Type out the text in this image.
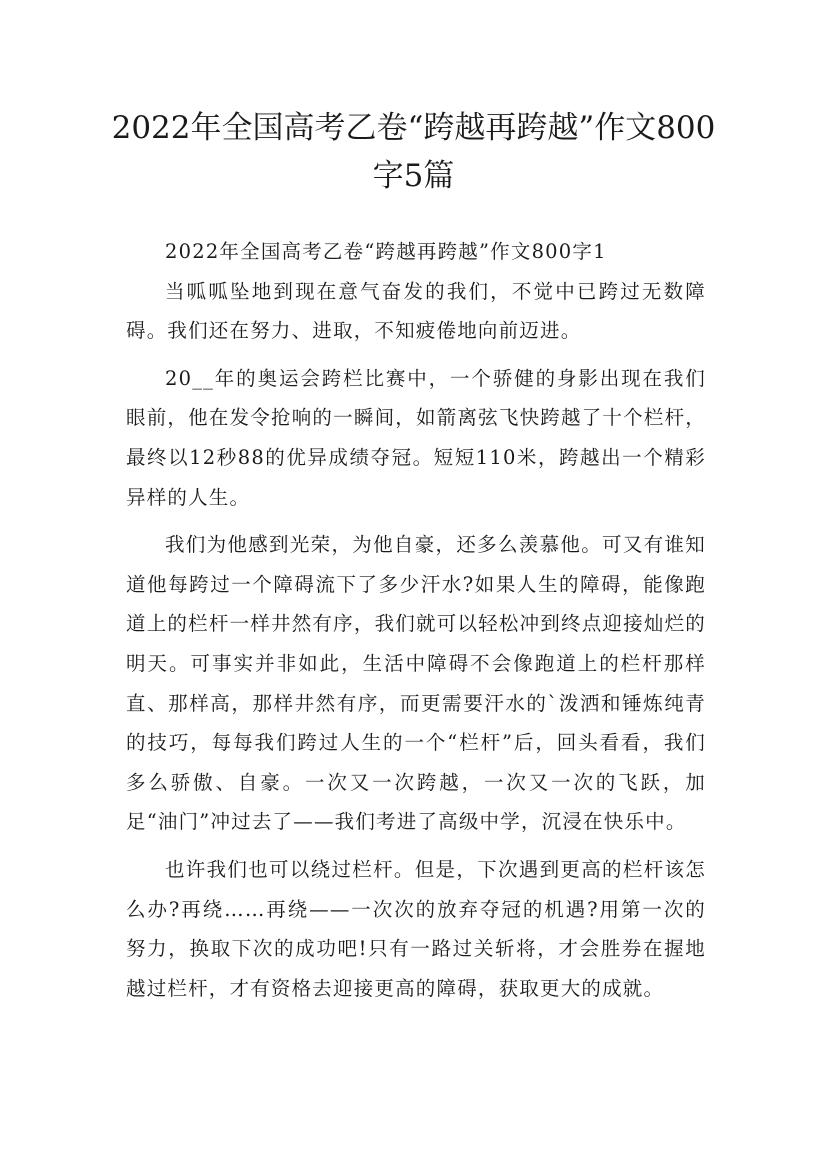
2022年全国高考乙卷“跨越再跨越”作文800
字5篇

2022年全国高考乙卷“跨越再跨越”作文800字1

当呱呱坠地到现在意气奋发的我们，不觉中已跨过无数障碍。我们还在努力、进取，不知疲倦地向前迈进。

20__年的奥运会跨栏比赛中，一个骄健的身影出现在我们眼前，他在发令抢响的一瞬间，如箭离弦飞快跨越了十个栏杆，最终以12秒88的优异成绩夺冠。短短110米，跨越出一个精彩异样的人生。

我们为他感到光荣，为他自豪，还多么羡慕他。可又有谁知道他每跨过一个障碍流下了多少汗水?如果人生的障碍，能像跑道上的栏杆一样井然有序，我们就可以轻松冲到终点迎接灿烂的明天。可事实并非如此，生活中障碍不会像跑道上的栏杆那样直、那样高，那样井然有序，而更需要汗水的`泼洒和锤炼纯青的技巧，每每我们跨过人生的一个“栏杆”后，回头看看，我们多么骄傲、自豪。一次又一次跨越，一次又一次的飞跃，加足“油门”冲过去了——我们考进了高级中学，沉浸在快乐中。

也许我们也可以绕过栏杆。但是，下次遇到更高的栏杆该怎么办?再绕……再绕——一次次的放弃夺冠的机遇?用第一次的努力，换取下次的成功吧!只有一路过关斩将，才会胜券在握地越过栏杆，才有资格去迎接更高的障碍，获取更大的成就。
